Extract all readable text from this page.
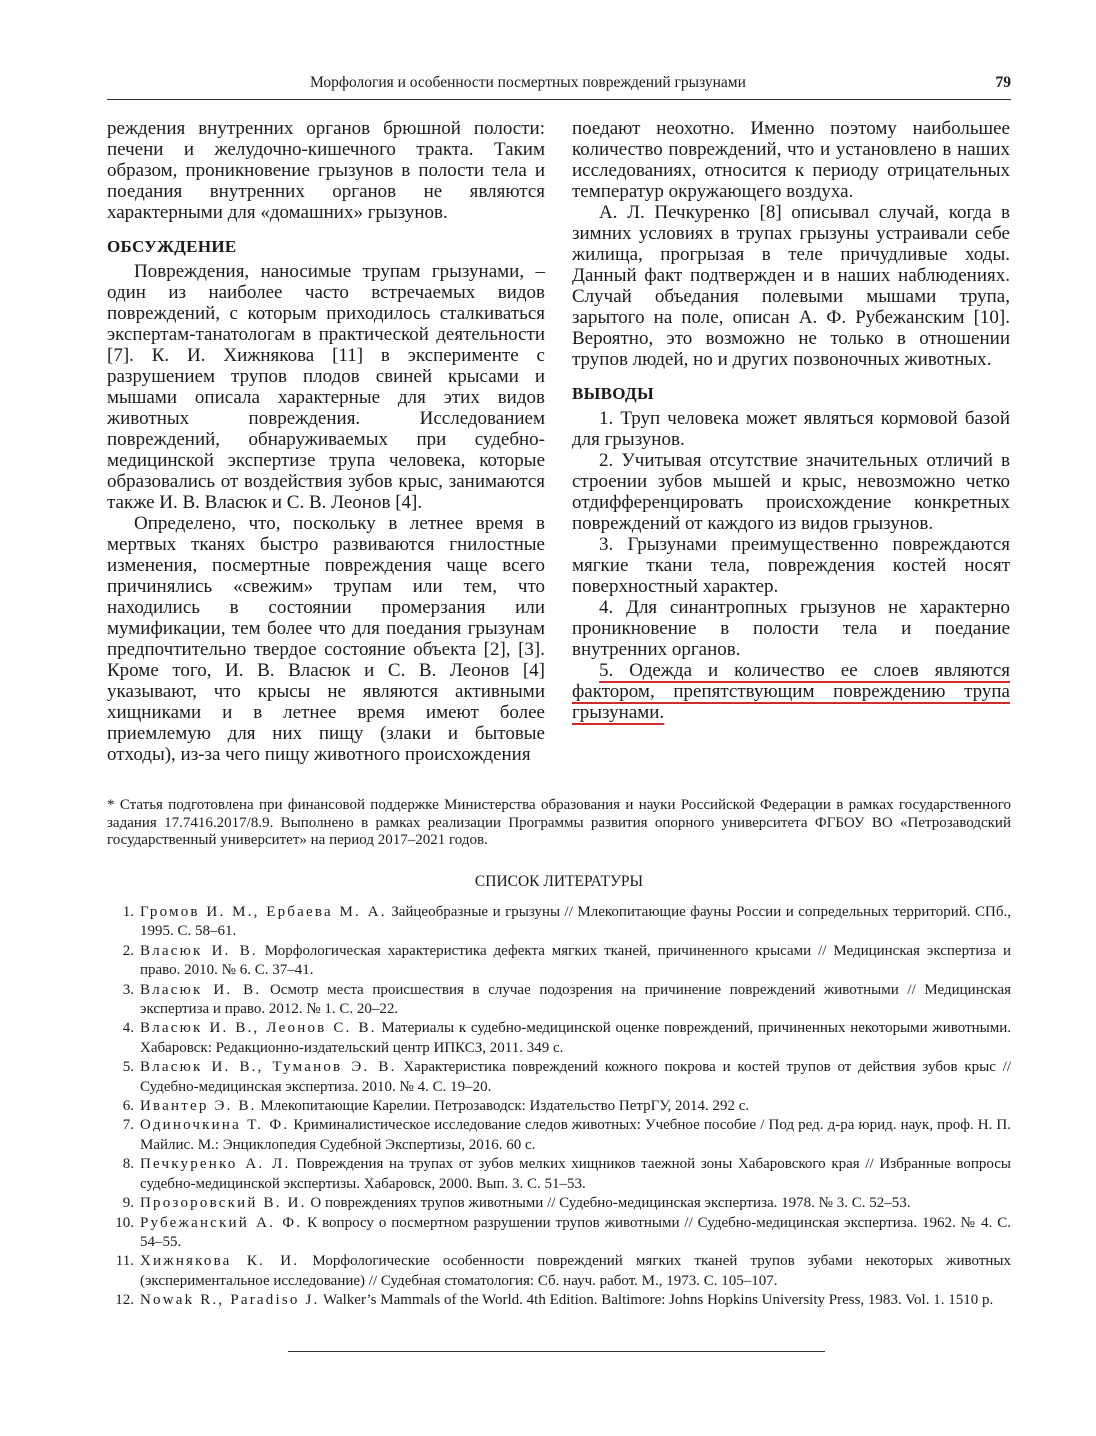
Морфология и особенности посмертных повреждений грызунами	79

реждения внутренних органов брюшной полости: печени и желудочно-кишечного тракта. Таким образом, проникновение грызунов в полости тела и поедания внутренних органов не являются характерными для «домашних» грызунов.

ОБСУЖДЕНИЕ

Повреждения, наносимые трупам грызунами, – один из наиболее часто встречаемых видов повреждений, с которым приходилось сталкиваться экспертам-танатологам в практической деятельности [7]. К. И. Хижнякова [11] в эксперименте с разрушением трупов плодов свиней крысами и мышами описала характерные для этих видов животных повреждения. Исследованием повреждений, обнаруживаемых при судебно-медицинской экспертизе трупа человека, которые образовались от воздействия зубов крыс, занимаются также И. В. Власюк и С. В. Леонов [4].

Определено, что, поскольку в летнее время в мертвых тканях быстро развиваются гнилостные изменения, посмертные повреждения чаще всего причинялись «свежим» трупам или тем, что находились в состоянии промерзания или мумификации, тем более что для поедания грызунам предпочтительно твердое состояние объекта [2], [3]. Кроме того, И. В. Власюк и С. В. Леонов [4] указывают, что крысы не являются активными хищниками и в летнее время имеют более приемлемую для них пищу (злаки и бытовые отходы), из-за чего пищу животного происхождения

поедают неохотно. Именно поэтому наибольшее количество повреждений, что и установлено в наших исследованиях, относится к периоду отрицательных температур окружающего воздуха.

А. Л. Печкуренко [8] описывал случай, когда в зимних условиях в трупах грызуны устраивали себе жилища, прогрызая в теле причудливые ходы. Данный факт подтвержден и в наших наблюдениях. Случай объедания полевыми мышами трупа, зарытого на поле, описан А. Ф. Рубежанским [10]. Вероятно, это возможно не только в отношении трупов людей, но и других позвоночных животных.

ВЫВОДЫ

1. Труп человека может являться кормовой базой для грызунов.

2. Учитывая отсутствие значительных отличий в строении зубов мышей и крыс, невозможно четко отдифференцировать происхождение конкретных повреждений от каждого из видов грызунов.

3. Грызунами преимущественно повреждаются мягкие ткани тела, повреждения костей носят поверхностный характер.

4. Для синантропных грызунов не характерно проникновение в полости тела и поедание внутренних органов.

5. Одежда и количество ее слоев являются фактором, препятствующим повреждению трупа грызунами.

* Статья подготовлена при финансовой поддержке Министерства образования и науки Российской Федерации в рамках государственного задания 17.7416.2017/8.9. Выполнено в рамках реализации Программы развития опорного университета ФГБОУ ВО «Петрозаводский государственный университет» на период 2017–2021 годов.
СПИСОК ЛИТЕРАТУРЫ
1. Громов И. М., Ербаева М. А. Зайцеобразные и грызуны // Млекопитающие фауны России и сопредельных территорий. СПб., 1995. С. 58–61.
2. Власюк И. В. Морфологическая характеристика дефекта мягких тканей, причиненного крысами // Медицинская экспертиза и право. 2010. № 6. С. 37–41.
3. Власюк И. В. Осмотр места происшествия в случае подозрения на причинение повреждений животными // Медицинская экспертиза и право. 2012. № 1. С. 20–22.
4. Власюк И. В., Леонов С. В. Материалы к судебно-медицинской оценке повреждений, причиненных некоторыми животными. Хабаровск: Редакционно-издательский центр ИПКСЗ, 2011. 349 с.
5. Власюк И. В., Туманов Э. В. Характеристика повреждений кожного покрова и костей трупов от действия зубов крыс // Судебно-медицинская экспертиза. 2010. № 4. С. 19–20.
6. Ивантер Э. В. Млекопитающие Карелии. Петрозаводск: Издательство ПетрГУ, 2014. 292 с.
7. Одиночкина Т. Ф. Криминалистическое исследование следов животных: Учебное пособие / Под ред. д-ра юрид. наук, проф. Н. П. Майлис. М.: Энциклопедия Судебной Экспертизы, 2016. 60 с.
8. Печкуренко А. Л. Повреждения на трупах от зубов мелких хищников таежной зоны Хабаровского края // Избранные вопросы судебно-медицинской экспертизы. Хабаровск, 2000. Вып. 3. С. 51–53.
9. Прозоровский В. И. О повреждениях трупов животными // Судебно-медицинская экспертиза. 1978. № 3. С. 52–53.
10. Рубежанский А. Ф. К вопросу о посмертном разрушении трупов животными // Судебно-медицинская экспертиза. 1962. № 4. С. 54–55.
11. Хижнякова К. И. Морфологические особенности повреждений мягких тканей трупов зубами некоторых животных (экспериментальное исследование) // Судебная стоматология: Сб. науч. работ. М., 1973. С. 105–107.
12. Nowak R., Paradiso J. Walker’s Mammals of the World. 4th Edition. Baltimore: Johns Hopkins University Press, 1983. Vol. 1. 1510 p.
